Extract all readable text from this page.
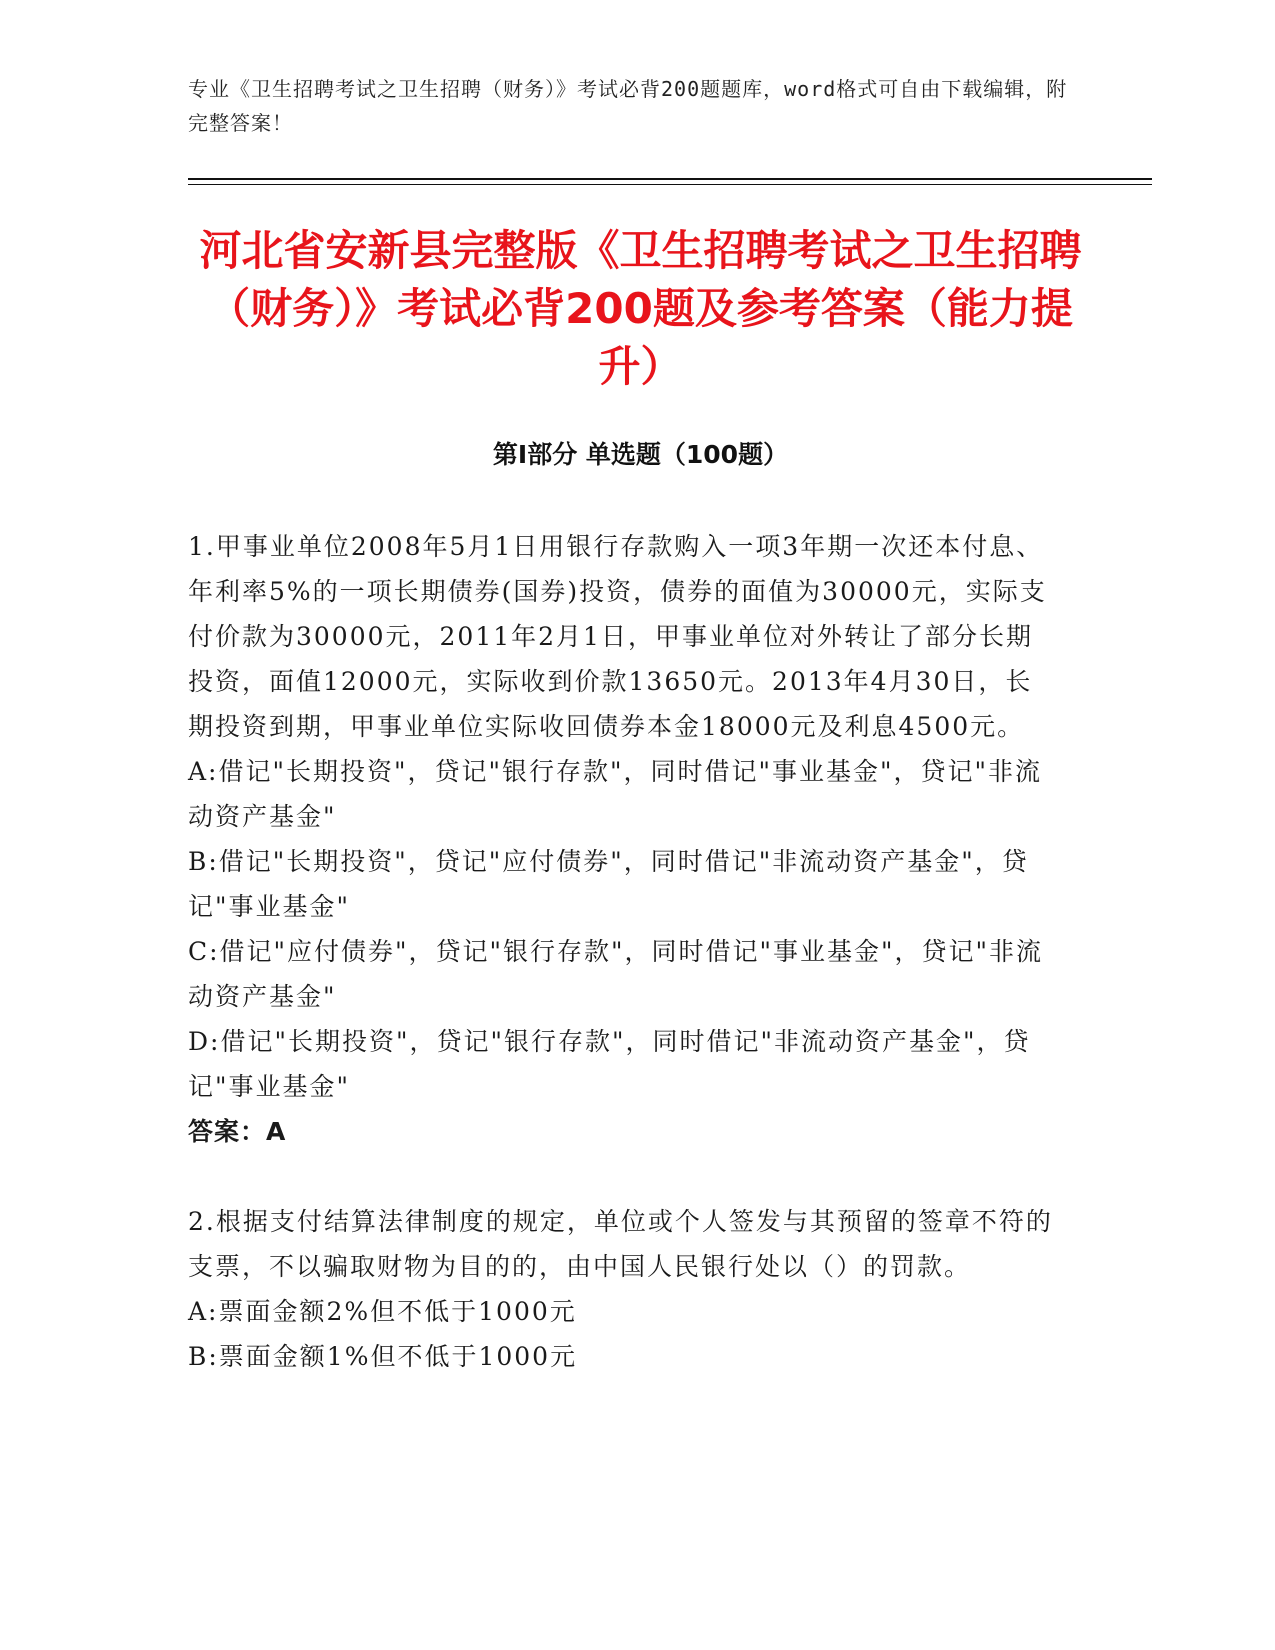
专业《卫生招聘考试之卫生招聘（财务）》考试必背200题题库，word格式可自由下载编辑，附完整答案！
河北省安新县完整版《卫生招聘考试之卫生招聘（财务）》考试必背200题及参考答案（能力提升）
第I部分 单选题（100题）

1.甲事业单位2008年5月1日用银行存款购入一项3年期一次还本付息、年利率5%的一项长期债券(国券)投资，债券的面值为30000元，实际支付价款为30000元，2011年2月1日，甲事业单位对外转让了部分长期投资，面值12000元，实际收到价款13650元。2013年4月30日，长期投资到期，甲事业单位实际收回债券本金18000元及利息4500元。

A:借记"长期投资"，贷记"银行存款"，同时借记"事业基金"，贷记"非流动资产基金"

B:借记"长期投资"，贷记"应付债券"，同时借记"非流动资产基金"，贷记"事业基金"

C:借记"应付债券"，贷记"银行存款"，同时借记"事业基金"，贷记"非流动资产基金"

D:借记"长期投资"，贷记"银行存款"，同时借记"非流动资产基金"，贷记"事业基金"

答案：A

2.根据支付结算法律制度的规定，单位或个人签发与其预留的签章不符的支票，不以骗取财物为目的的，由中国人民银行处以（）的罚款。

A:票面金额2%但不低于1000元

B:票面金额1%但不低于1000元
